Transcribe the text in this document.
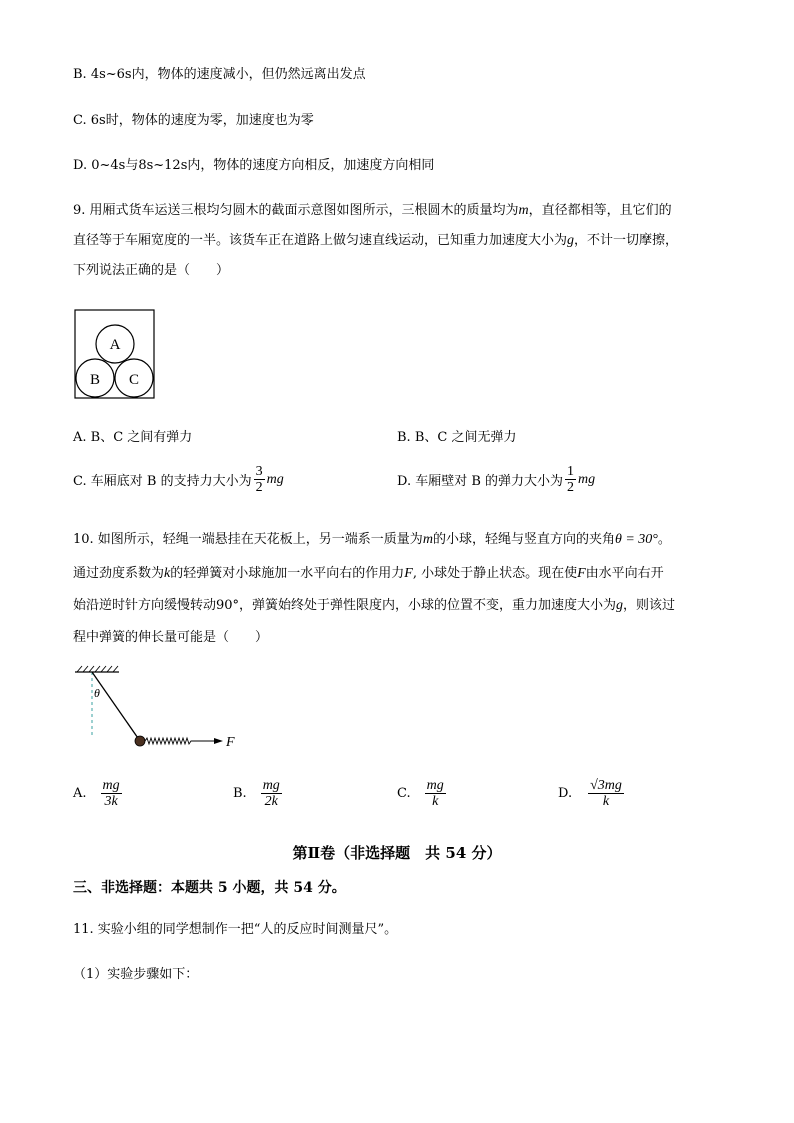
B. 4s~6s内，物体的速度减小，但仍然远离出发点
C. 6s时，物体的速度为零，加速度也为零
D. 0~4s与8s~12s内，物体的速度方向相反，加速度方向相同
9. 用厢式货车运送三根均匀圆木的截面示意图如图所示，三根圆木的质量均为m，直径都相等，且它们的
直径等于车厢宽度的一半。该货车正在道路上做匀速直线运动，已知重力加速度大小为g，不计一切摩擦，
下列说法正确的是（　　）
A
B C
A. B、C 之间有弹力	B. B、C 之间无弹力
C. 车厢底对 B 的支持力大小为 $\frac{3}{2}$ mg	D. 车厢壁对 B 的弹力大小为 $\frac{1}{2}$ mg
10. 如图所示，轻绳一端悬挂在天花板上，另一端系一质量为m的小球，轻绳与竖直方向的夹角θ = 30°。
通过劲度系数为k的轻弹簧对小球施加一水平向右的作用力F, 小球处于静止状态。现在使F由水平向右开
始沿逆时针方向缓慢转动90°，弹簧始终处于弹性限度内，小球的位置不变，重力加速度大小为g，则该过
程中弹簧的伸长量可能是（　　）
θ
F
A. $\frac{mg}{3k}$	B. $\frac{mg}{2k}$	C. $\frac{mg}{k}$	D. $\frac{√3mg}{k}$
第Ⅱ卷（非选择题　共 54 分）
三、非选择题：本题共 5 小题，共 54 分。
11. 实验小组的同学想制作一把“人的反应时间测量尺”。
（1）实验步骤如下：
